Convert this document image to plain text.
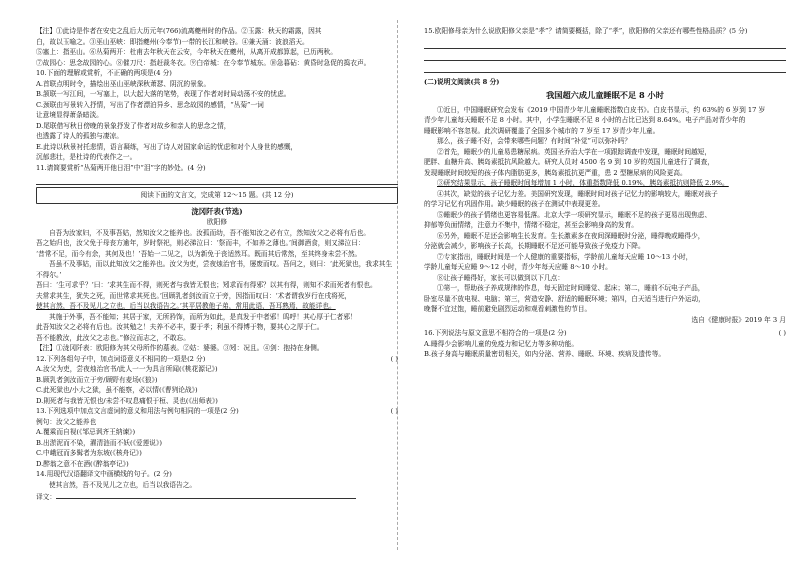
【注】①此诗是作者在安史之乱后大历元年(766)流离夔州时的作品。②玉露：秋天的霜露，因其

白，故以玉喻之。③巫山巫峡：即指夔州(今奉节)一带的长江和峡谷。④兼天涌：波浪滔天。

⑤塞上：指巫山。⑥丛菊两开：杜甫去年秋天在云安，今年秋天在夔州，从离开成都算起，已历两秋。

⑦故园心：思念故园的心。⑧催刀尺：指赶裁冬衣。⑨白帝城：在今奉节城东。⑩急暮砧：黄昏时急促的捣衣声。

10.下面的理解或赏析，不正确的两项是(4 分)

A.首联点明时令，描绘出巫山巫峡深秋萧瑟、阴沉的景象。

B.颔联一写江间，一写塞上，以大起大落的笔势，表现了作者对时局动荡不安的忧虑。

C.颈联由写景转入抒情，写出了作者漂泊异乡、思念故园的感情，“丛菊”一词

让意境显得萧条暗淡。

D.尾联借写秋日傍晚的景象抒发了作者对故乡和亲人的思念之情，

也透露了诗人的孤独与凄凉。

E.此诗以秋景衬托悲情，语言凝练，写出了诗人对国家命运的忧虑和对个人身世的感慨，

沉郁悲壮，是杜诗的代表作之一。

11.请简要赏析“丛菊两开他日泪”中“泪”字的妙处。(4 分)

阅读下面的文言文，完成第 12～15 题。(共 12 分)

泷冈阡表(节选)

欧阳修

自吾为汝家妇，不及事吾姑，然知汝父之能养也。汝孤而幼，吾不能知汝之必有立，然知汝父之必将有后也。

吾之始归也，汝父免于母丧方逾年，岁时祭祀，则必涕泣曰：‘祭而丰，不如养之薄也。’间御酒食，则又涕泣曰：

‘昔常不足，而今有余，其何及也！’吾始一二见之，以为新免于丧适然耳。既而其后常然，至其终身未尝不然。

吾虽不及事姑，而以此知汝父之能养也。汝父为吏，尝夜烛治官书，屡废而叹。吾问之，则曰：‘此死狱也，我求其生不得尔。’

吾曰：‘生可求乎？’曰：‘求其生而不得，则死者与我皆无恨也；矧求而有得邪？以其有得，则知不求而死者有恨也。

夫常求其生，犹失之死，而世常求其死也。’回顾乳者剑汝而立于旁，因指而叹曰：‘术者谓我岁行在戌将死，

使其言然，吾不及见儿之立也，后当以我语告之。’其平居教他子弟，常用此语，吾耳熟焉，故能详也。

其施于外事，吾不能知；其居于家，无所矜饰，而所为如此，是真发于中者邪！呜呼！其心厚于仁者邪！

此吾知汝父之必将有后也。汝其勉之！夫养不必丰，要于孝；利虽不得博于物，要其心之厚于仁。

吾不能教汝，此汝父之志也。”修泣而志之，不敢忘。

【注】①泷冈阡表：欧阳修为其父母所作的墓表。②姑：婆婆。③矧：况且。④剑：抱持在身侧。

12.下列各组句子中，加点词语意义不相同的一项是(2 分)	( )

A.汝父为吏，尝夜烛治官书/此人一一为具言所闻(《桃花源记》)

B.顾乳者剑汝而立于旁/顾野有麦场(《狼》)

C.此死狱也/小大之狱，虽不能察，必以情(《曹刿论战》)

D.則死者与我皆无恨也/未尝不叹息痛恨于桓、灵也(《出师表》)

13.下列选项中加点文言虚词的意义和用法与例句相同的一项是(2 分)	( )

例句：汝父之能养也

A.覆乘而自视(《邹忌讽齐王纳谏》)

B.出淤泥而不染，濯清涟而不妖(《爱莲说》)

C.中峨冠而多髯者为东坡(《核舟记》)

D.醉翁之意不在酒(《醉翁亭记》)

14.用现代汉语翻译文中画横线的句子。(2 分)

使其言然，吾不及见儿之立也，后当以我语告之。

译文：

15.欧阳修母亲为什么说欧阳修父亲是“孝”？请简要概括，除了“孝”，欧阳修的父亲还有哪些性格品质？(5 分)

(二)说明文阅读(共 8 分)

我国超六成儿童睡眠不足 8 小时

①近日，中国睡眠研究会发布《2019 中国青少年儿童睡眠指数白皮书》。白皮书显示，约 63%的 6 岁到 17 岁

青少年儿童每天睡眠不足 8 小时。其中，小学生睡眠不足 8 小时的占比已达到 8.64%。电子产品对青少年的

睡眠影响不容忽视。此次调研覆盖了全国多个城市的 7 岁至 17 岁青少年儿童。

那么，孩子睡不好，会带来哪些问题？有时间“补觉”可以弥补吗？

②首先，睡眠少的儿童易患糖尿病。英国圣乔治大学在一项跟踪调查中发现，睡眠时间越短，

肥胖、血糖升高、胰岛素抵抗风险越大。研究人员对 4500 名 9 到 10 岁的英国儿童进行了调查，

发现睡眠时间较短的孩子体内脂肪更多，胰岛素抵抗更严重，患 2 型糖尿病的风险更高。

③研究结果显示，孩子睡眠时间每增加 1 小时，体重指数降低 0.19%，胰岛素抵抗则降低 2.9%。

④其次，缺觉的孩子记忆力差。美国研究发现，睡眠时间对孩子记忆力的影响较大，睡眠对孩子

的学习记忆有巩固作用。缺少睡眠的孩子在测试中表现更差。

⑤睡眠少的孩子情绪也更容易低落。北京大学一项研究显示，睡眠不足的孩子更易出现焦虑、

抑郁等负面情绪，注意力不集中，情绪不稳定，甚至会影响身高的发育。

⑥另外，睡眠不足还会影响生长发育。生长激素多在夜间深睡眠时分泌，睡得晚或睡得少，

分泌就会减少，影响孩子长高，长期睡眠不足还可能导致孩子免疫力下降。

⑦专家指出，睡眠时间是一个人健康的重要指标，学龄前儿童每天应睡 10～13 小时，

学龄儿童每天应睡 9～12 小时，青少年每天应睡 8～10 小时。

⑧让孩子睡得好，家长可以做到以下几点：

①第一，帮助孩子养成规律的作息，每天固定时间睡觉、起床；第二，睡前不玩电子产品，

卧室尽量不放电视、电脑；第三，营造安静、舒适的睡眠环境；第四，白天适当进行户外运动，

晚餐不宜过饱，睡前避免剧烈运动和观看刺激性的节目。

选自《健康时报》2019 年 3 月

16.下列说法与原文意思不相符合的一项是(2 分)	( )

A.睡得少会影响儿童的免疫力和记忆力等多种功能。

B.孩子身高与睡眠质量密切相关，如内分泌、营养、睡眠、环境、疾病及遗传等。
